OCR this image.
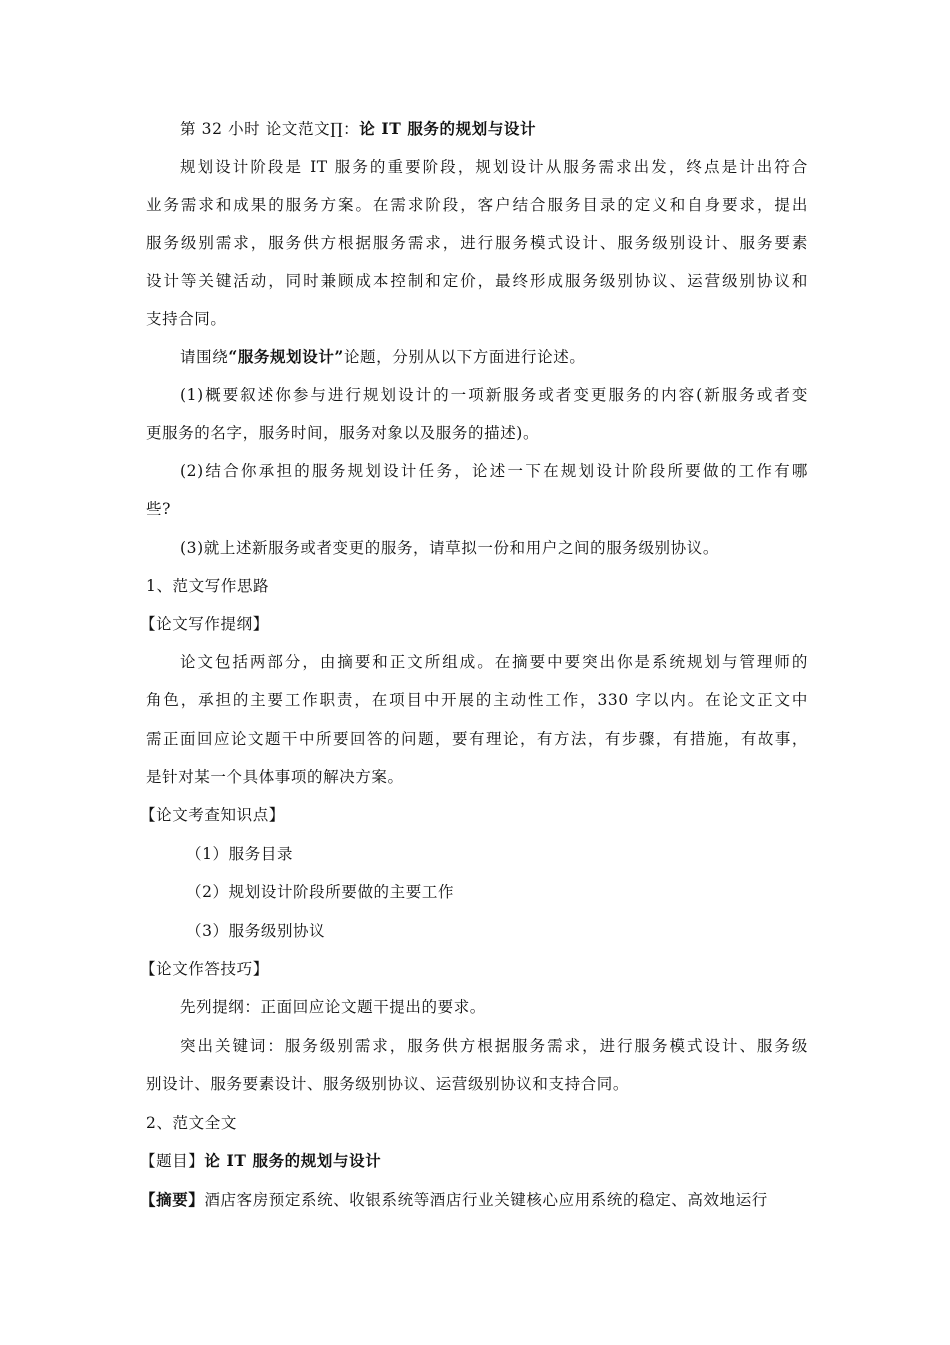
第 32 小时 论文范文∏：论 IT 服务的规划与设计

规划设计阶段是 IT 服务的重要阶段，规划设计从服务需求出发，终点是计出符合

业务需求和成果的服务方案。在需求阶段，客户结合服务目录的定义和自身要求，提出

服务级别需求，服务供方根据服务需求，进行服务模式设计、服务级别设计、服务要素

设计等关键活动，同时兼顾成本控制和定价，最终形成服务级别协议、运营级别协议和

支持合同。

请围绕“服务规划设计”论题，分别从以下方面进行论述。

(1)概要叙述你参与进行规划设计的一项新服务或者变更服务的内容(新服务或者变

更服务的名字，服务时间，服务对象以及服务的描述)。

(2)结合你承担的服务规划设计任务，论述一下在规划设计阶段所要做的工作有哪

些?

(3)就上述新服务或者变更的服务，请草拟一份和用户之间的服务级别协议。

1、范文写作思路

【论文写作提纲】

论文包括两部分，由摘要和正文所组成。在摘要中要突出你是系统规划与管理师的

角色，承担的主要工作职责，在项目中开展的主动性工作，330 字以内。在论文正文中

需正面回应论文题干中所要回答的问题，要有理论，有方法，有步骤，有措施，有故事，

是针对某一个具体事项的解决方案。

【论文考查知识点】

（1）服务目录

（2）规划设计阶段所要做的主要工作

（3）服务级别协议

【论文作答技巧】

先列提纲：正面回应论文题干提出的要求。

突出关键词：服务级别需求，服务供方根据服务需求，进行服务模式设计、服务级

别设计、服务要素设计、服务级别协议、运营级别协议和支持合同。

2、范文全文

【题目】论 IT 服务的规划与设计

【摘要】酒店客房预定系统、收银系统等酒店行业关键核心应用系统的稳定、高效地运行
